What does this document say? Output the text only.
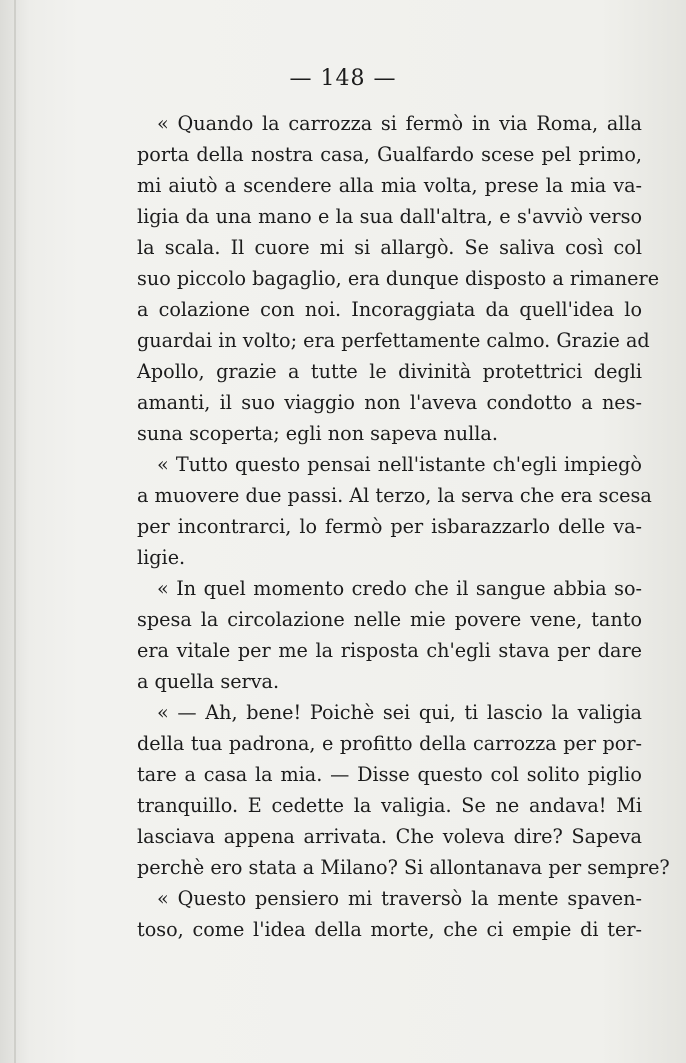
— 148 —
« Quando la carrozza si fermò in via Roma, alla
porta della nostra casa, Gualfardo scese pel primo,
mi aiutò a scendere alla mia volta, prese la mia va-
ligia da una mano e la sua dall'altra, e s'avviò verso
la scala. Il cuore mi si allargò. Se saliva così col
suo piccolo bagaglio, era dunque disposto a rimanere
a colazione con noi. Incoraggiata da quell'idea lo
guardai in volto; era perfettamente calmo. Grazie ad
Apollo, grazie a tutte le divinità protettrici degli
amanti, il suo viaggio non l'aveva condotto a nes-
suna scoperta; egli non sapeva nulla.
« Tutto questo pensai nell'istante ch'egli impiegò
a muovere due passi. Al terzo, la serva che era scesa
per incontrarci, lo fermò per isbarazzarlo delle va-
ligie.
« In quel momento credo che il sangue abbia so-
spesa la circolazione nelle mie povere vene, tanto
era vitale per me la risposta ch'egli stava per dare
a quella serva.
« — Ah, bene! Poichè sei qui, ti lascio la valigia
della tua padrona, e profitto della carrozza per por-
tare a casa la mia. — Disse questo col solito piglio
tranquillo. E cedette la valigia. Se ne andava! Mi
lasciava appena arrivata. Che voleva dire? Sapeva
perchè ero stata a Milano? Si allontanava per sempre?
« Questo pensiero mi traversò la mente spaven-
toso, come l'idea della morte, che ci empie di ter-
